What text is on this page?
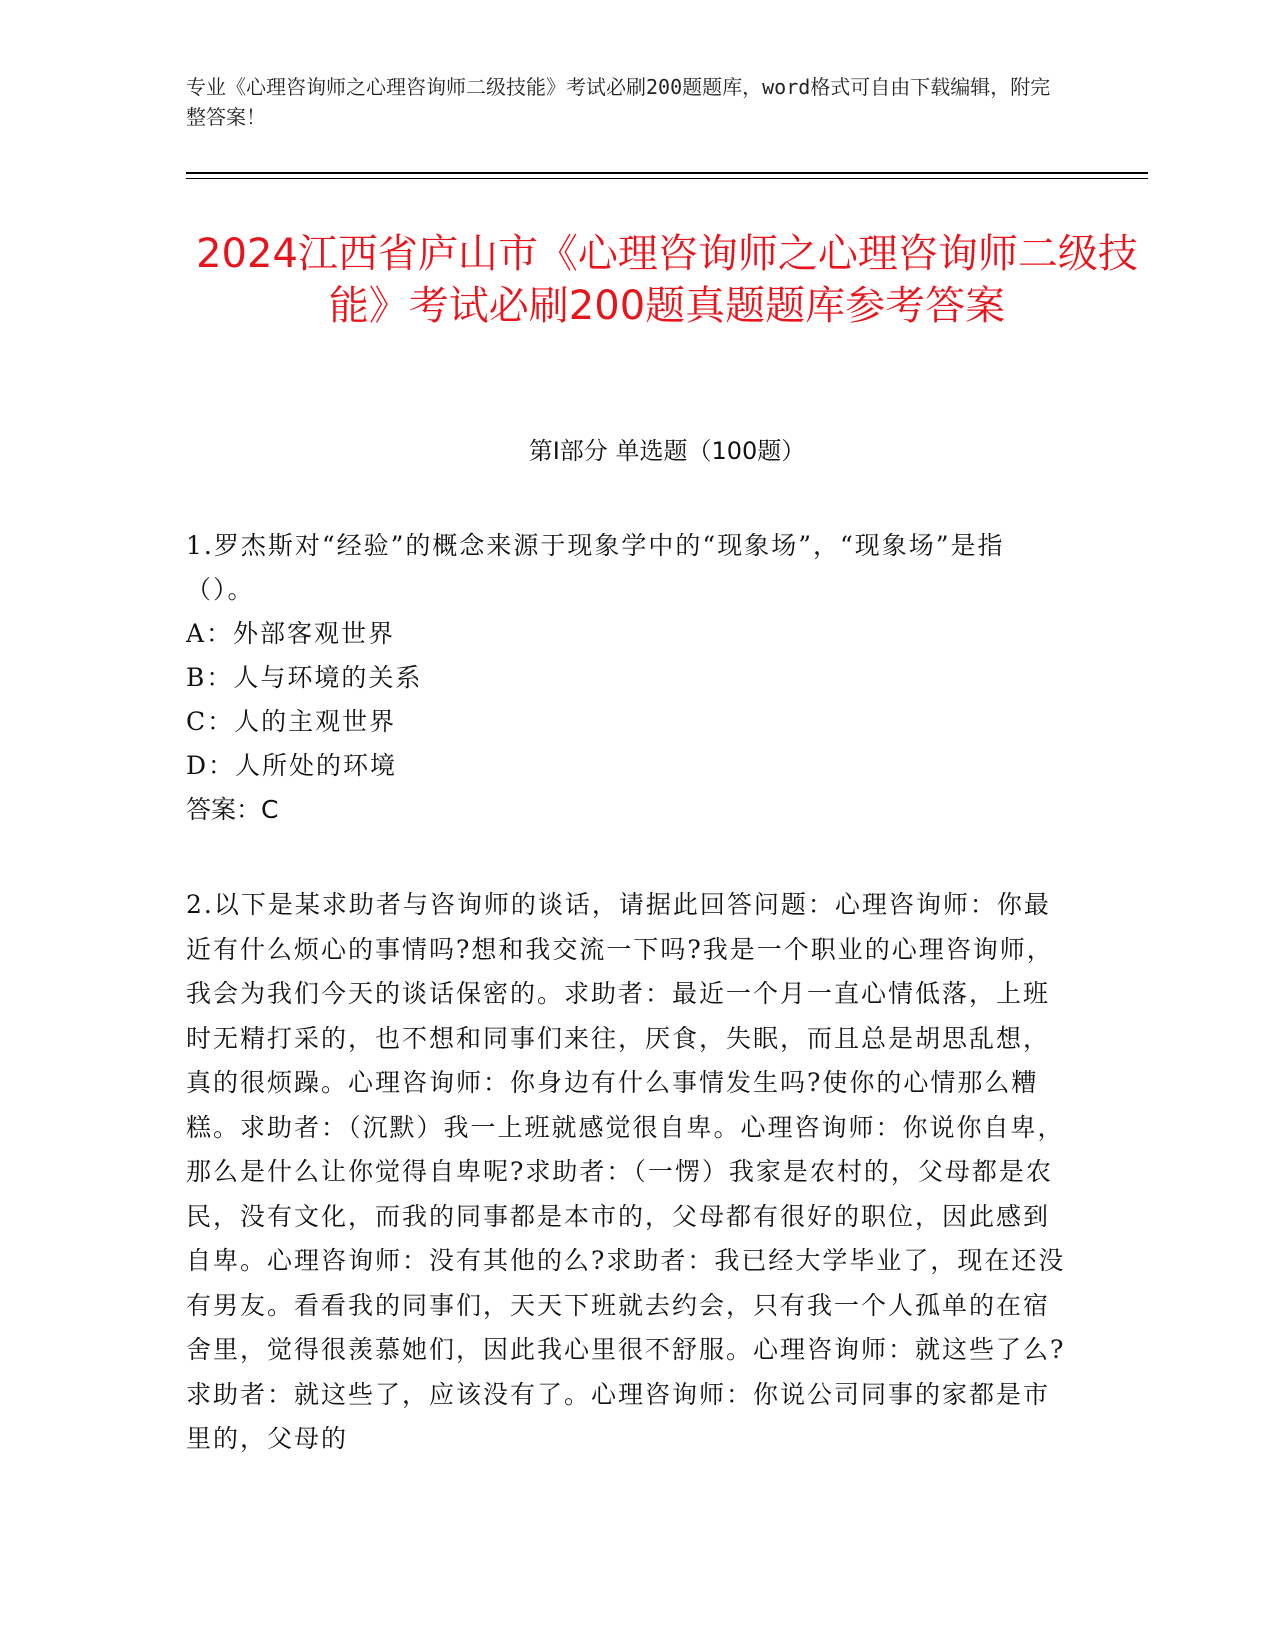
专业《心理咨询师之心理咨询师二级技能》考试必刷200题题库，word格式可自由下载编辑，附完整答案！
2024江西省庐山市《心理咨询师之心理咨询师二级技能》考试必刷200题真题题库参考答案
第Ⅰ部分 单选题（100题）
1.罗杰斯对“经验”的概念来源于现象学中的“现象场”，“现象场”是指（）。
A：外部客观世界
B：人与环境的关系
C：人的主观世界
D：人所处的环境
答案：C
2.以下是某求助者与咨询师的谈话，请据此回答问题：心理咨询师：你最近有什么烦心的事情吗?想和我交流一下吗?我是一个职业的心理咨询师，我会为我们今天的谈话保密的。求助者：最近一个月一直心情低落，上班时无精打采的，也不想和同事们来往，厌食，失眠，而且总是胡思乱想，真的很烦躁。心理咨询师：你身边有什么事情发生吗?使你的心情那么糟糕。求助者：（沉默）我一上班就感觉很自卑。心理咨询师：你说你自卑，那么是什么让你觉得自卑呢?求助者：（一愣）我家是农村的，父母都是农民，没有文化，而我的同事都是本市的，父母都有很好的职位，因此感到自卑。心理咨询师：没有其他的么?求助者：我已经大学毕业了，现在还没有男友。看看我的同事们，天天下班就去约会，只有我一个人孤单的在宿舍里，觉得很羡慕她们，因此我心里很不舒服。心理咨询师：就这些了么?求助者：就这些了，应该没有了。心理咨询师：你说公司同事的家都是市里的，父母的
